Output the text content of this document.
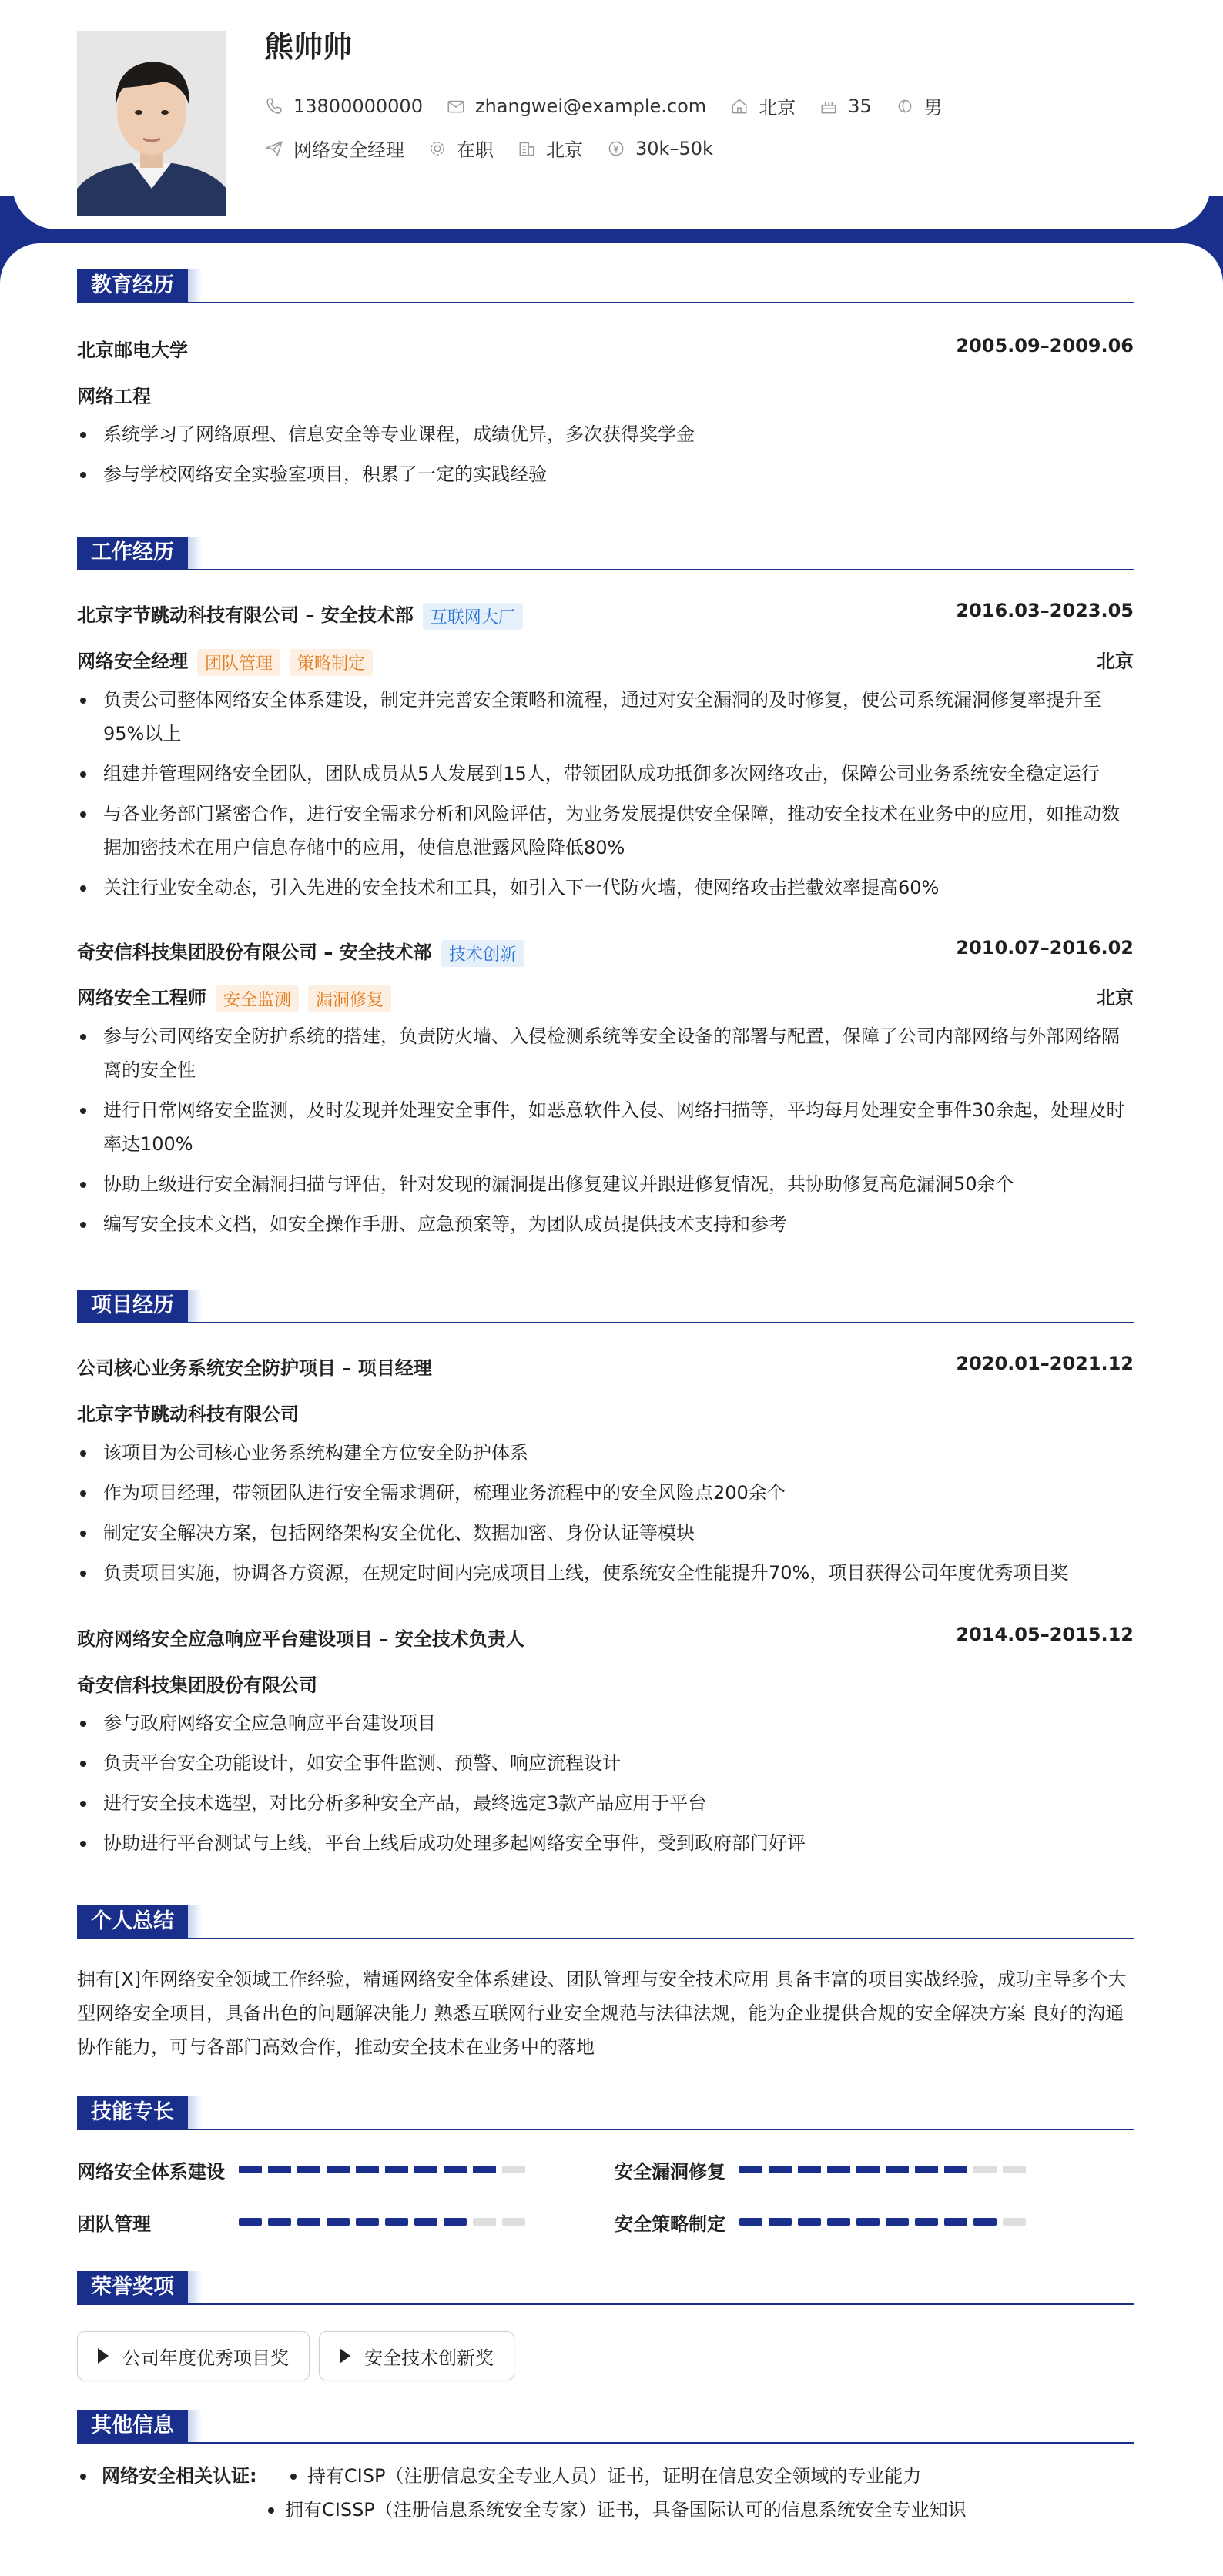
熊帅帅
13800000000	zhangwei@example.com	北京	35	男
网络安全经理	在职	北京	30k–50k
教育经历
北京邮电大学	2005.09–2009.06
网络工程
系统学习了网络原理、信息安全等专业课程，成绩优异，多次获得奖学金
参与学校网络安全实验室项目，积累了一定的实践经验
工作经历
北京字节跳动科技有限公司 – 安全技术部 互联网大厂	2016.03–2023.05
网络安全经理 团队管理 策略制定	北京
负责公司整体网络安全体系建设，制定并完善安全策略和流程，通过对安全漏洞的及时修复，使公司系统漏洞修复率提升至95%以上
组建并管理网络安全团队，团队成员从5人发展到15人，带领团队成功抵御多次网络攻击，保障公司业务系统安全稳定运行
与各业务部门紧密合作，进行安全需求分析和风险评估，为业务发展提供安全保障，推动安全技术在业务中的应用，如推动数据加密技术在用户信息存储中的应用，使信息泄露风险降低80%
关注行业安全动态，引入先进的安全技术和工具，如引入下一代防火墙，使网络攻击拦截效率提高60%
奇安信科技集团股份有限公司 – 安全技术部 技术创新	2010.07–2016.02
网络安全工程师 安全监测 漏洞修复	北京
参与公司网络安全防护系统的搭建，负责防火墙、入侵检测系统等安全设备的部署与配置，保障了公司内部网络与外部网络隔离的安全性
进行日常网络安全监测，及时发现并处理安全事件，如恶意软件入侵、网络扫描等，平均每月处理安全事件30余起，处理及时率达100%
协助上级进行安全漏洞扫描与评估，针对发现的漏洞提出修复建议并跟进修复情况，共协助修复高危漏洞50余个
编写安全技术文档，如安全操作手册、应急预案等，为团队成员提供技术支持和参考
项目经历
公司核心业务系统安全防护项目 – 项目经理	2020.01–2021.12
北京字节跳动科技有限公司
该项目为公司核心业务系统构建全方位安全防护体系
作为项目经理，带领团队进行安全需求调研，梳理业务流程中的安全风险点200余个
制定安全解决方案，包括网络架构安全优化、数据加密、身份认证等模块
负责项目实施，协调各方资源，在规定时间内完成项目上线，使系统安全性能提升70%，项目获得公司年度优秀项目奖
政府网络安全应急响应平台建设项目 – 安全技术负责人	2014.05–2015.12
奇安信科技集团股份有限公司
参与政府网络安全应急响应平台建设项目
负责平台安全功能设计，如安全事件监测、预警、响应流程设计
进行安全技术选型，对比分析多种安全产品，最终选定3款产品应用于平台
协助进行平台测试与上线，平台上线后成功处理多起网络安全事件，受到政府部门好评
个人总结
拥有[X]年网络安全领域工作经验，精通网络安全体系建设、团队管理与安全技术应用 具备丰富的项目实战经验，成功主导多个大型网络安全项目，具备出色的问题解决能力 熟悉互联网行业安全规范与法律法规，能为企业提供合规的安全解决方案 良好的沟通协作能力，可与各部门高效合作，推动安全技术在业务中的落地
技能专长
网络安全体系建设	安全漏洞修复
团队管理	安全策略制定
荣誉奖项
公司年度优秀项目奖	安全技术创新奖
其他信息
网络安全相关认证:	持有CISP（注册信息安全专业人员）证书，证明在信息安全领域的专业能力
拥有CISSP（注册信息系统安全专家）证书，具备国际认可的信息系统安全专业知识
